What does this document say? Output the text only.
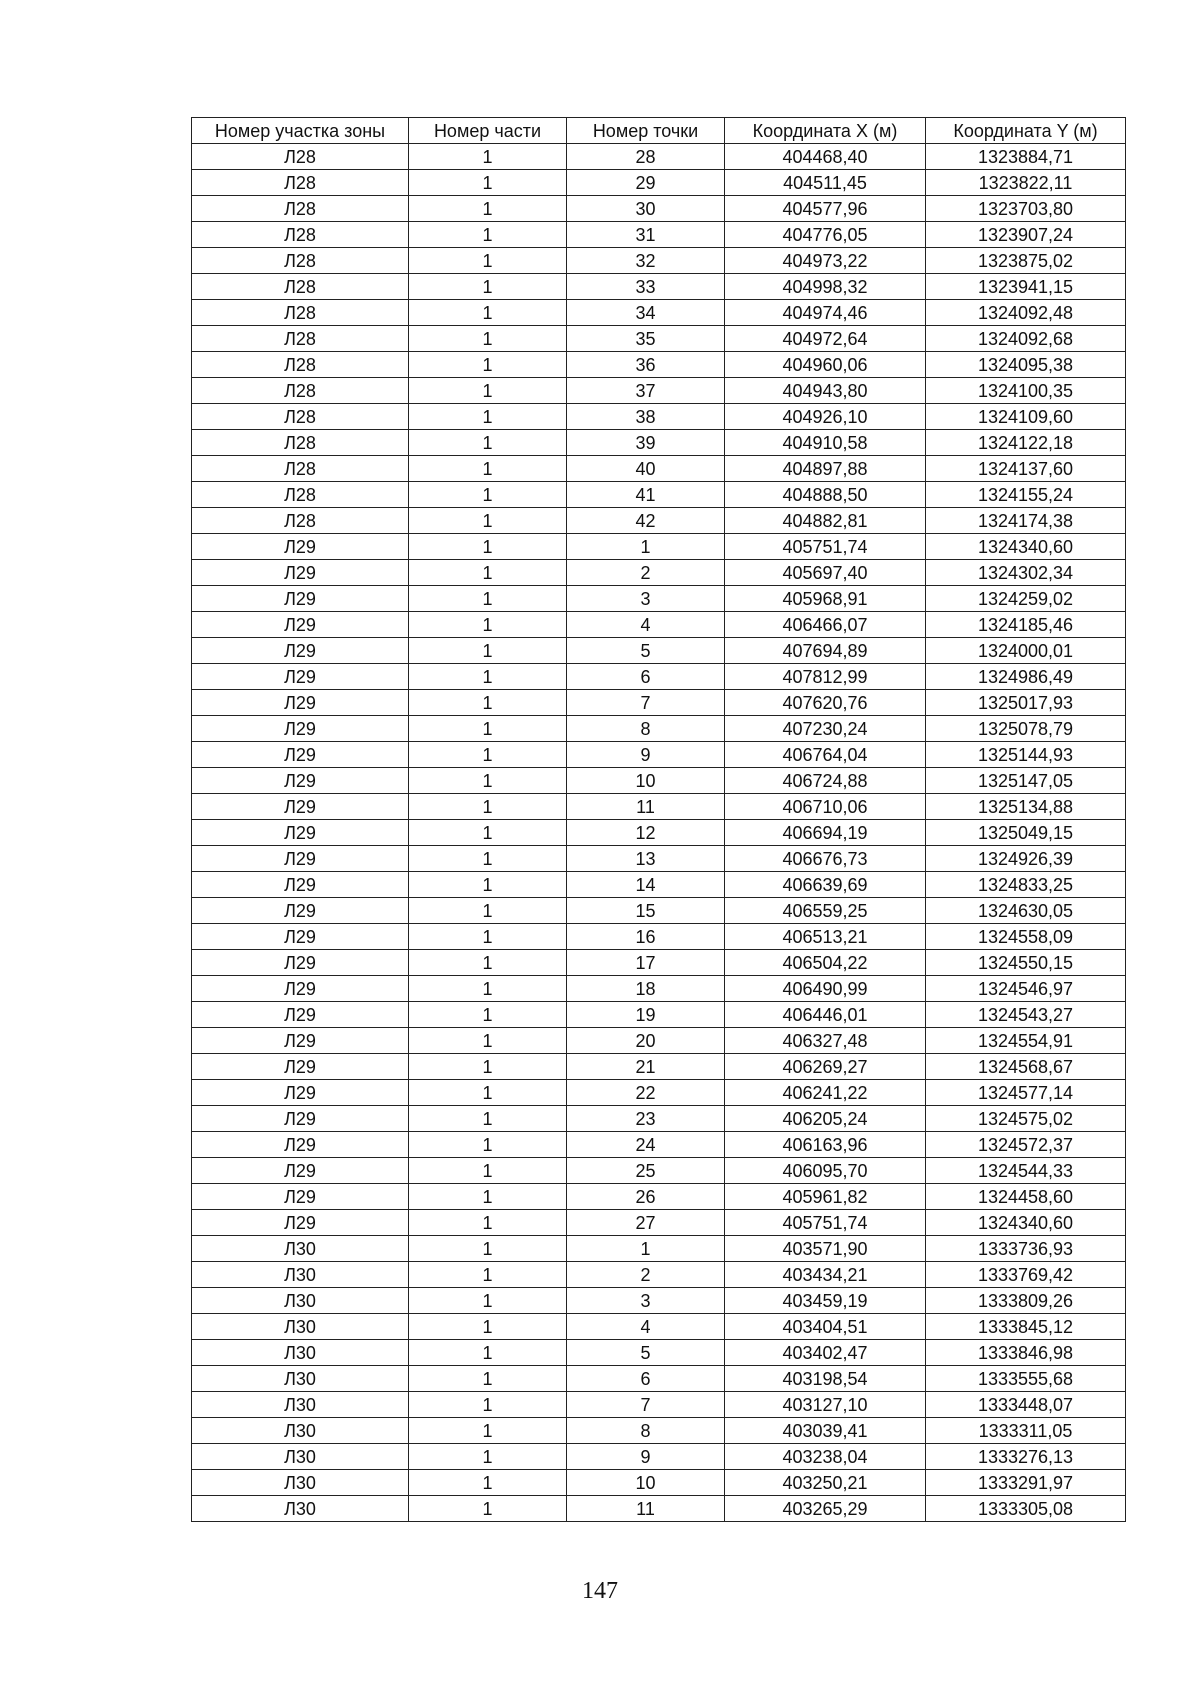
Номер участка зоны	Номер части	Номер точки	Координата X (м)	Координата Y (м)
Л28	1	28	404468,40	1323884,71
Л28	1	29	404511,45	1323822,11
Л28	1	30	404577,96	1323703,80
Л28	1	31	404776,05	1323907,24
Л28	1	32	404973,22	1323875,02
Л28	1	33	404998,32	1323941,15
Л28	1	34	404974,46	1324092,48
Л28	1	35	404972,64	1324092,68
Л28	1	36	404960,06	1324095,38
Л28	1	37	404943,80	1324100,35
Л28	1	38	404926,10	1324109,60
Л28	1	39	404910,58	1324122,18
Л28	1	40	404897,88	1324137,60
Л28	1	41	404888,50	1324155,24
Л28	1	42	404882,81	1324174,38
Л29	1	1	405751,74	1324340,60
Л29	1	2	405697,40	1324302,34
Л29	1	3	405968,91	1324259,02
Л29	1	4	406466,07	1324185,46
Л29	1	5	407694,89	1324000,01
Л29	1	6	407812,99	1324986,49
Л29	1	7	407620,76	1325017,93
Л29	1	8	407230,24	1325078,79
Л29	1	9	406764,04	1325144,93
Л29	1	10	406724,88	1325147,05
Л29	1	11	406710,06	1325134,88
Л29	1	12	406694,19	1325049,15
Л29	1	13	406676,73	1324926,39
Л29	1	14	406639,69	1324833,25
Л29	1	15	406559,25	1324630,05
Л29	1	16	406513,21	1324558,09
Л29	1	17	406504,22	1324550,15
Л29	1	18	406490,99	1324546,97
Л29	1	19	406446,01	1324543,27
Л29	1	20	406327,48	1324554,91
Л29	1	21	406269,27	1324568,67
Л29	1	22	406241,22	1324577,14
Л29	1	23	406205,24	1324575,02
Л29	1	24	406163,96	1324572,37
Л29	1	25	406095,70	1324544,33
Л29	1	26	405961,82	1324458,60
Л29	1	27	405751,74	1324340,60
Л30	1	1	403571,90	1333736,93
Л30	1	2	403434,21	1333769,42
Л30	1	3	403459,19	1333809,26
Л30	1	4	403404,51	1333845,12
Л30	1	5	403402,47	1333846,98
Л30	1	6	403198,54	1333555,68
Л30	1	7	403127,10	1333448,07
Л30	1	8	403039,41	1333311,05
Л30	1	9	403238,04	1333276,13
Л30	1	10	403250,21	1333291,97
Л30	1	11	403265,29	1333305,08
147
